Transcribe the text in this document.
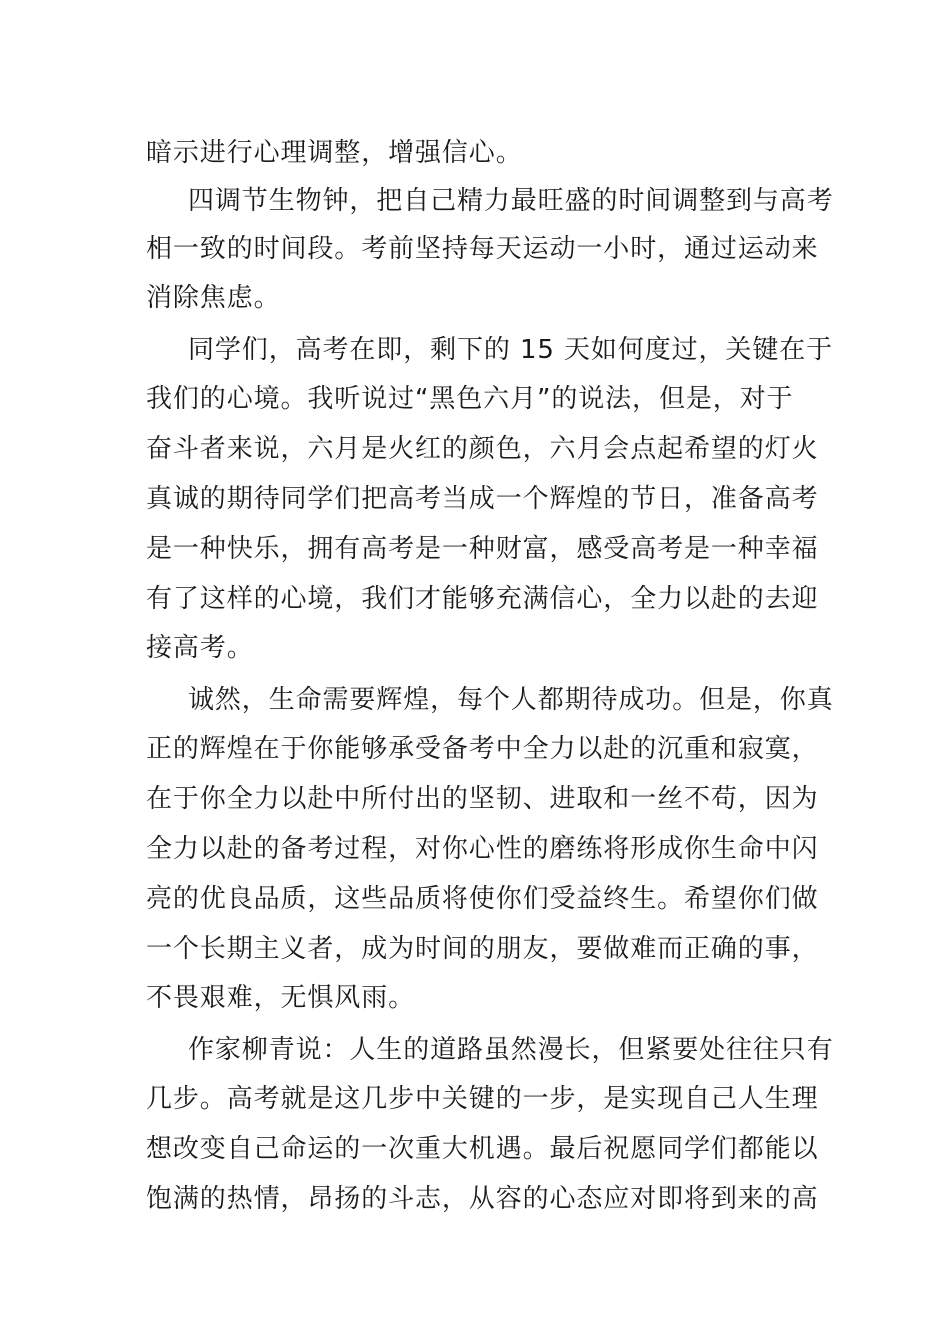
暗示进行心理调整，增强信心。

四调节生物钟，把自己精力最旺盛的时间调整到与高考

相一致的时间段。考前坚持每天运动一小时，通过运动来

消除焦虑。

同学们，高考在即，剩下的 15 天如何度过，关键在于

我们的心境。我听说过“黑色六月”的说法，但是，对于

奋斗者来说，六月是火红的颜色，六月会点起希望的灯火

真诚的期待同学们把高考当成一个辉煌的节日，准备高考

是一种快乐，拥有高考是一种财富，感受高考是一种幸福

有了这样的心境，我们才能够充满信心，全力以赴的去迎

接高考。

诚然，生命需要辉煌，每个人都期待成功。但是，你真

正的辉煌在于你能够承受备考中全力以赴的沉重和寂寞，

在于你全力以赴中所付出的坚韧、进取和一丝不苟，因为

全力以赴的备考过程，对你心性的磨练将形成你生命中闪

亮的优良品质，这些品质将使你们受益终生。希望你们做

一个长期主义者，成为时间的朋友，要做难而正确的事，

不畏艰难，无惧风雨。

作家柳青说：人生的道路虽然漫长，但紧要处往往只有

几步。高考就是这几步中关键的一步，是实现自己人生理

想改变自己命运的一次重大机遇。最后祝愿同学们都能以

饱满的热情，昂扬的斗志，从容的心态应对即将到来的高
